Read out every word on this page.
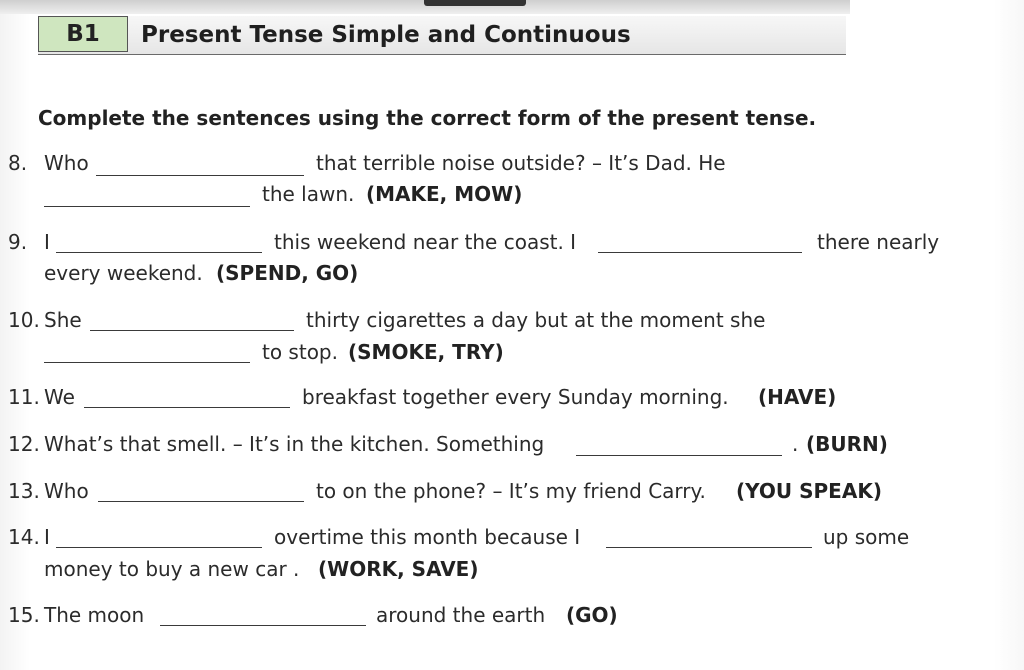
B1	Present Tense Simple and Continuous
Complete the sentences using the correct form of the present tense.
8. Who	that terrible noise outside? – It’s Dad. He
the lawn. (MAKE, MOW)
9. I	this weekend near the coast. I	there nearly
every weekend. (SPEND, GO)
10. She	thirty cigarettes a day but at the moment she
to stop. (SMOKE, TRY)
11. We	breakfast together every Sunday morning. (HAVE)
12. What’s that smell. – It’s in the kitchen. Something	. (BURN)
13. Who	to on the phone? – It’s my friend Carry. (YOU SPEAK)
14. I	overtime this month because I	up some
money to buy a new car . (WORK, SAVE)
15. The moon	around the earth (GO)
